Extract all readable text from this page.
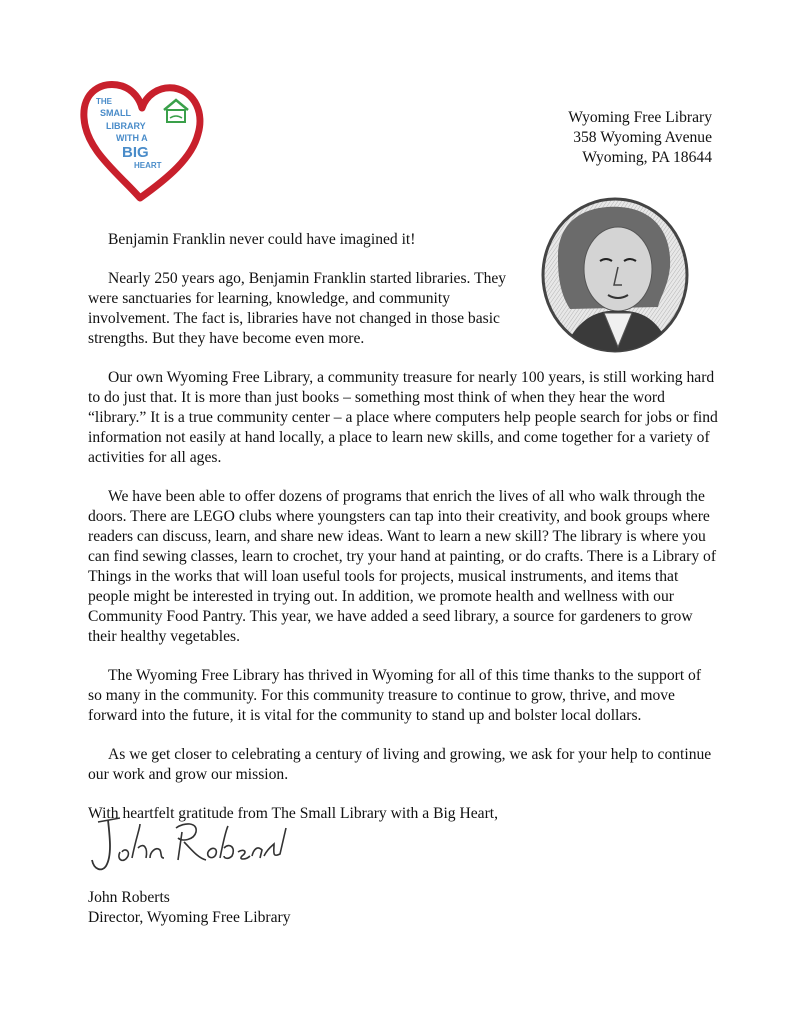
THE
SMALL
LIBRARY
WITH A
BIG
HEART
Wyoming Free Library
358 Wyoming Avenue
Wyoming, PA 18644

Benjamin Franklin never could have imagined it!

Nearly 250 years ago, Benjamin Franklin started libraries. They were sanctuaries for learning, knowledge, and community involvement. The fact is, libraries have not changed in those basic strengths. But they have become even more.

Our own Wyoming Free Library, a community treasure for nearly 100 years, is still working hard to do just that. It is more than just books – something most think of when they hear the word “library.” It is a true community center – a place where computers help people search for jobs or find information not easily at hand locally, a place to learn new skills, and come together for a variety of activities for all ages.

We have been able to offer dozens of programs that enrich the lives of all who walk through the doors. There are LEGO clubs where youngsters can tap into their creativity, and book groups where readers can discuss, learn, and share new ideas. Want to learn a new skill? The library is where you can find sewing classes, learn to crochet, try your hand at painting, or do crafts. There is a Library of Things in the works that will loan useful tools for projects, musical instruments, and items that people might be interested in trying out. In addition, we promote health and wellness with our Community Food Pantry. This year, we have added a seed library, a source for gardeners to grow their healthy vegetables.

The Wyoming Free Library has thrived in Wyoming for all of this time thanks to the support of so many in the community. For this community treasure to continue to grow, thrive, and move forward into the future, it is vital for the community to stand up and bolster local dollars.

As we get closer to celebrating a century of living and growing, we ask for your help to continue our work and grow our mission.

With heartfelt gratitude from The Small Library with a Big Heart,

John Roberts
Director, Wyoming Free Library
